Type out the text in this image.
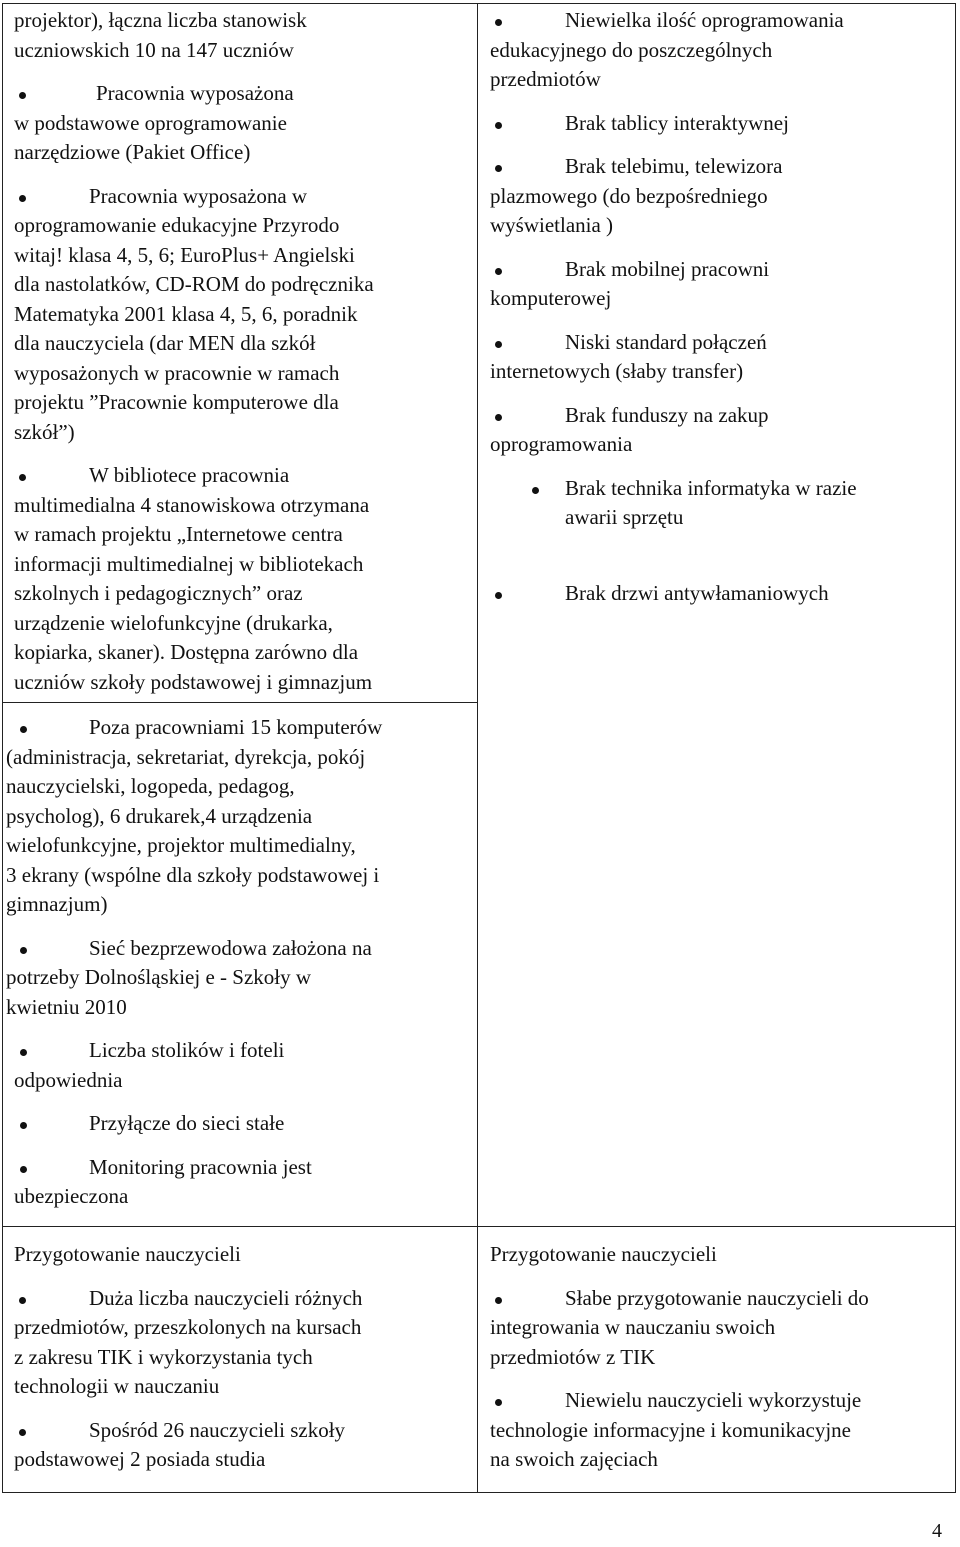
projektor), łączna liczba stanowisk
uczniowskich 10 na 147 uczniów
Pracownia wyposażona
w podstawowe oprogramowanie
narzędziowe (Pakiet Office)
Pracownia wyposażona w
oprogramowanie edukacyjne Przyrodo
witaj! klasa 4, 5, 6; EuroPlus+ Angielski
dla nastolatków, CD-ROM do podręcznika
Matematyka 2001 klasa 4, 5, 6, poradnik
dla nauczyciela (dar MEN dla szkół
wyposażonych w pracownie w ramach
projektu ”Pracownie komputerowe dla
szkół”)
W bibliotece pracownia
multimedialna 4 stanowiskowa otrzymana
w ramach projektu „Internetowe centra
informacji multimedialnej w bibliotekach
szkolnych i pedagogicznych” oraz
urządzenie wielofunkcyjne (drukarka,
kopiarka, skaner). Dostępna zarówno dla
uczniów szkoły podstawowej i gimnazjum
Poza pracowniami 15 komputerów
(administracja, sekretariat, dyrekcja, pokój
nauczycielski, logopeda, pedagog,
psycholog), 6 drukarek,4 urządzenia
wielofunkcyjne, projektor multimedialny,
3 ekrany (wspólne dla szkoły podstawowej i
gimnazjum)
Sieć bezprzewodowa założona na
potrzeby Dolnośląskiej e - Szkoły w
kwietniu 2010
Liczba stolików i foteli
odpowiednia
Przyłącze do sieci stałe
Monitoring pracownia jest
ubezpieczona
Niewielka ilość oprogramowania
edukacyjnego do poszczególnych
przedmiotów
Brak tablicy interaktywnej
Brak telebimu, telewizora
plazmowego (do bezpośredniego
wyświetlania )
Brak mobilnej pracowni
komputerowej
Niski standard połączeń
internetowych (słaby transfer)
Brak funduszy na zakup
oprogramowania
Brak technika informatyka w razie
awarii sprzętu
Brak drzwi antywłamaniowych
Przygotowanie nauczycieli
Duża liczba nauczycieli różnych
przedmiotów, przeszkolonych na kursach
z zakresu TIK i wykorzystania tych
technologii w nauczaniu
Spośród 26 nauczycieli szkoły
podstawowej 2 posiada studia
Przygotowanie nauczycieli
Słabe przygotowanie nauczycieli do
integrowania w nauczaniu swoich
przedmiotów z TIK
Niewielu nauczycieli wykorzystuje
technologie informacyjne i komunikacyjne
na swoich zajęciach
4
